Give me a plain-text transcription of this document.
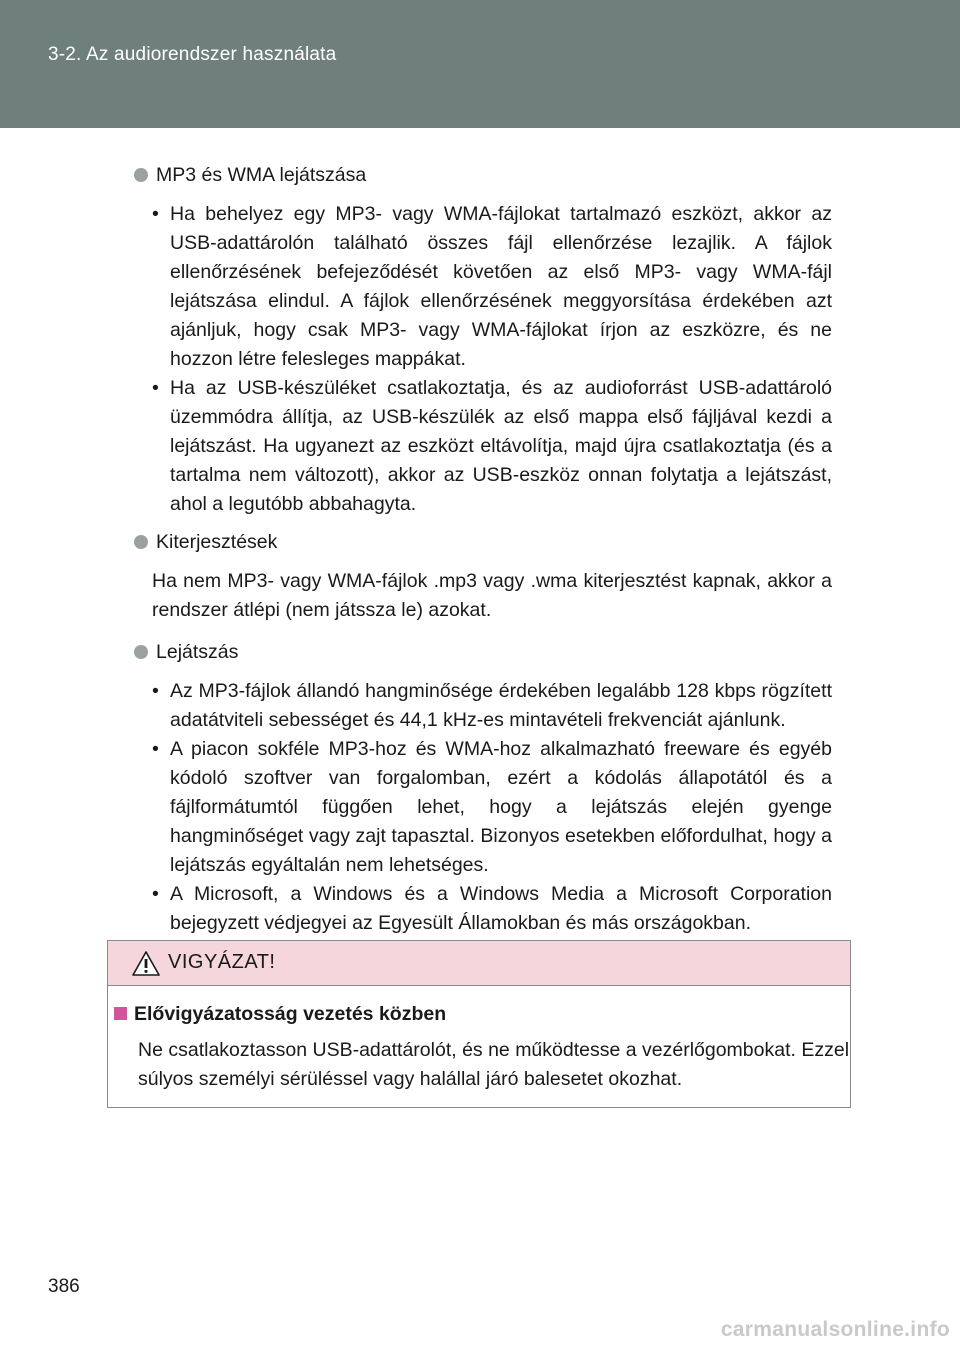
3-2. Az audiorendszer használata
MP3 és WMA lejátszása
• Ha behelyez egy MP3- vagy WMA-fájlokat tartalmazó eszközt, akkor az USB-adattárolón található összes fájl ellenőrzése lezajlik. A fájlok ellenőrzésének befejeződését követően az első MP3- vagy WMA-fájl lejátszása elindul. A fájlok ellenőrzésének meggyorsítása érdekében azt ajánljuk, hogy csak MP3- vagy WMA-fájlokat írjon az eszközre, és ne hozzon létre felesleges mappákat.
• Ha az USB-készüléket csatlakoztatja, és az audioforrást USB-adattároló üzemmódra állítja, az USB-készülék az első mappa első fájljával kezdi a lejátszást. Ha ugyanezt az eszközt eltávolítja, majd újra csatlakoztatja (és a tartalma nem változott), akkor az USB-eszköz onnan folytatja a lejátszást, ahol a legutóbb abbahagyta.
Kiterjesztések
Ha nem MP3- vagy WMA-fájlok .mp3 vagy .wma kiterjesztést kapnak, akkor a rendszer átlépi (nem játssza le) azokat.
Lejátszás
• Az MP3-fájlok állandó hangminősége érdekében legalább 128 kbps rögzített adatátviteli sebességet és 44,1 kHz-es mintavételi frekvenciát ajánlunk.
• A piacon sokféle MP3-hoz és WMA-hoz alkalmazható freeware és egyéb kódoló szoftver van forgalomban, ezért a kódolás állapotától és a fájlformátumtól függően lehet, hogy a lejátszás elején gyenge hangminőséget vagy zajt tapasztal. Bizonyos esetekben előfordulhat, hogy a lejátszás egyáltalán nem lehetséges.
• A Microsoft, a Windows és a Windows Media a Microsoft Corporation bejegyzett védjegyei az Egyesült Államokban és más országokban.
VIGYÁZAT!
Elővigyázatosság vezetés közben
Ne csatlakoztasson USB-adattárolót, és ne működtesse a vezérlőgombokat. Ezzel súlyos személyi sérüléssel vagy halállal járó balesetet okozhat.
386
carmanualsonline.info
